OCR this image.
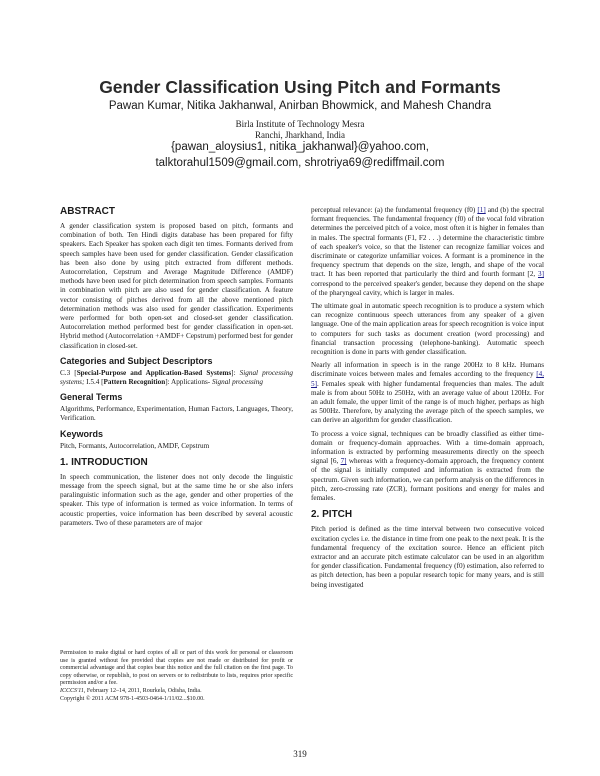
Gender Classification Using Pitch and Formants
Pawan Kumar, Nitika Jakhanwal, Anirban Bhowmick, and Mahesh Chandra
Birla Institute of Technology Mesra
Ranchi, Jharkhand, India
{pawan_aloysius1, nitika_jakhanwal}@yahoo.com,
talktorahul1509@gmail.com, shrotriya69@rediffmail.com
ABSTRACT

A gender classification system is proposed based on pitch, formants and combination of both. Ten Hindi digits database has been prepared for fifty speakers. Each Speaker has spoken each digit ten times. Formants derived from speech samples have been used for gender classification. Gender classification has been also done by using pitch extracted from different methods. Autocorrelation, Cepstrum and Average Magnitude Difference (AMDF) methods have been used for pitch determination from speech samples. Formants in combination with pitch are also used for gender classification. A feature vector consisting of pitches derived from all the above mentioned pitch determination methods was also used for gender classification. Experiments were performed for both open-set and closed-set gender classification. Autocorrelation method performed best for gender classification in open-set. Hybrid method (Autocorrelation +AMDF+ Cepstrum) performed best for gender classification in closed-set.

Categories and Subject Descriptors

C.3 [Special-Purpose and Application-Based Systems]: Signal processing systems; I.5.4 [Pattern Recognition]: Applications- Signal processing

General Terms

Algorithms, Performance, Experimentation, Human Factors, Languages, Theory, Verification.

Keywords

Pitch, Formants, Autocorrelation, AMDF, Cepstrum

1. INTRODUCTION

In speech communication, the listener does not only decode the linguistic message from the speech signal, but at the same time he or she also infers paralinguistic information such as the age, gender and other properties of the speaker. This type of information is termed as voice information. In terms of acoustic properties, voice information has been described by several acoustic parameters. Two of these parameters are of major

Permission to make digital or hard copies of all or part of this work for personal or classroom use is granted without fee provided that copies are not made or distributed for profit or commercial advantage and that copies bear this notice and the full citation on the first page. To copy otherwise, or republish, to post on servers or to redistribute to lists, requires prior specific permission and/or a fee.
ICCCS'11, February 12–14, 2011, Rourkela, Odisha, India.
Copyright © 2011 ACM 978-1-4503-0464-1/11/02...$10.00.

perceptual relevance: (a) the fundamental frequency (f0) [1] and (b) the spectral formant frequencies. The fundamental frequency (f0) of the vocal fold vibration determines the perceived pitch of a voice, most often it is higher in females than in males. The spectral formants (F1, F2 . . .) determine the characteristic timbre of each speaker's voice, so that the listener can recognize familiar voices and discriminate or categorize unfamiliar voices. A formant is a prominence in the frequency spectrum that depends on the size, length, and shape of the vocal tract. It has been reported that particularly the third and fourth formant [2, 3] correspond to the perceived speaker's gender, because they depend on the shape of the pharyngeal cavity, which is larger in males.

The ultimate goal in automatic speech recognition is to produce a system which can recognize continuous speech utterances from any speaker of a given language. One of the main application areas for speech recognition is voice input to computers for such tasks as document creation (word processing) and financial transaction processing (telephone-banking). Automatic speech recognition is done in parts with gender classification.

Nearly all information in speech is in the range 200Hz to 8 kHz. Humans discriminate voices between males and females according to the frequency [4, 5]. Females speak with higher fundamental frequencies than males. The adult male is from about 50Hz to 250Hz, with an average value of about 120Hz. For an adult female, the upper limit of the range is of much higher, perhaps as high as 500Hz. Therefore, by analyzing the average pitch of the speech samples, we can derive an algorithm for gender classification.

To process a voice signal, techniques can be broadly classified as either time-domain or frequency-domain approaches. With a time-domain approach, information is extracted by performing measurements directly on the speech signal [6, 7] whereas with a frequency-domain approach, the frequency content of the signal is initially computed and information is extracted from the spectrum. Given such information, we can perform analysis on the differences in pitch, zero-crossing rate (ZCR), formant positions and energy for males and females.

2. PITCH

Pitch period is defined as the time interval between two consecutive voiced excitation cycles i.e. the distance in time from one peak to the next peak. It is the fundamental frequency of the excitation source. Hence an efficient pitch extractor and an accurate pitch estimate calculator can be used in an algorithm for gender classification. Fundamental frequency (f0) estimation, also referred to as pitch detection, has been a popular research topic for many years, and is still being investigated

319
